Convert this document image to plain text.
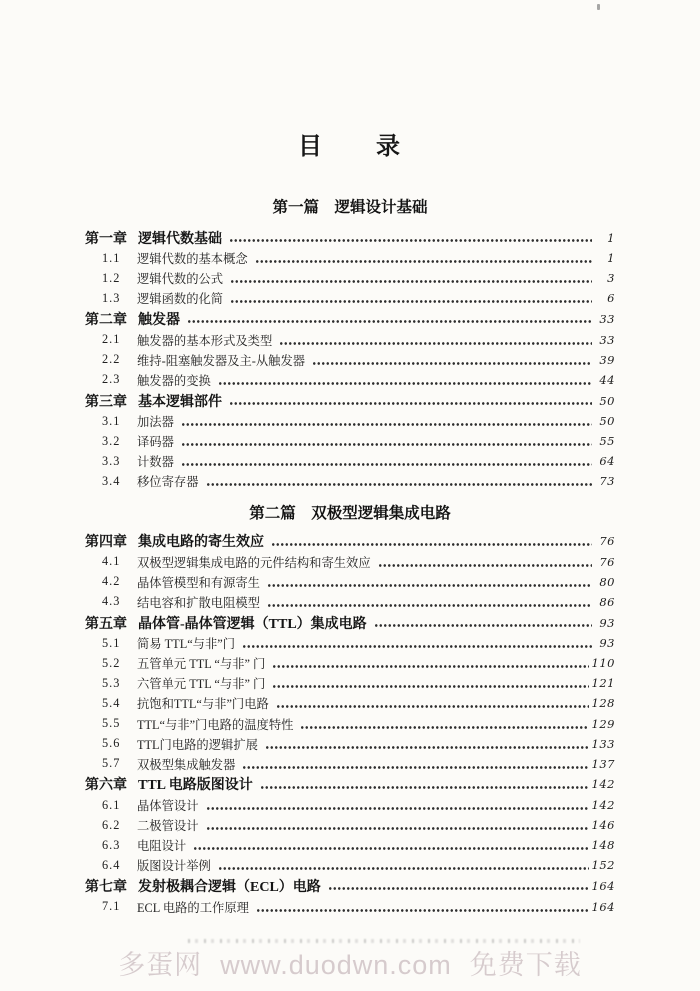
目　　录
第一篇　逻辑设计基础
第一章 逻辑代数基础	1
1.1	逻辑代数的基本概念	1
1.2	逻辑代数的公式	3
1.3	逻辑函数的化简	6
第二章 触发器	33
2.1	触发器的基本形式及类型	33
2.2	维持-阻塞触发器及主-从触发器	39
2.3	触发器的变换	44
第三章 基本逻辑部件	50
3.1	加法器	50
3.2	译码器	55
3.3	计数器	64
3.4	移位寄存器	73
第二篇　双极型逻辑集成电路
第四章 集成电路的寄生效应	76
4.1	双极型逻辑集成电路的元件结构和寄生效应	76
4.2	晶体管模型和有源寄生	80
4.3	结电容和扩散电阻模型	86
第五章 晶体管-晶体管逻辑（TTL）集成电路	93
5.1	简易 TTL“与非”门	93
5.2	五管单元 TTL “与非” 门	110
5.3	六管单元 TTL “与非” 门	121
5.4	抗饱和TTL“与非”门电路	128
5.5	TTL“与非”门电路的温度特性	129
5.6	TTL门电路的逻辑扩展	133
5.7	双极型集成触发器	137
第六章 TTL 电路版图设计	142
6.1	晶体管设计	142
6.2	二极管设计	146
6.3	电阻设计	148
6.4	版图设计举例	152
第七章 发射极耦合逻辑（ECL）电路	164
7.1	ECL 电路的工作原理	164
多蛋网 www.duodwn.com 免费下载
